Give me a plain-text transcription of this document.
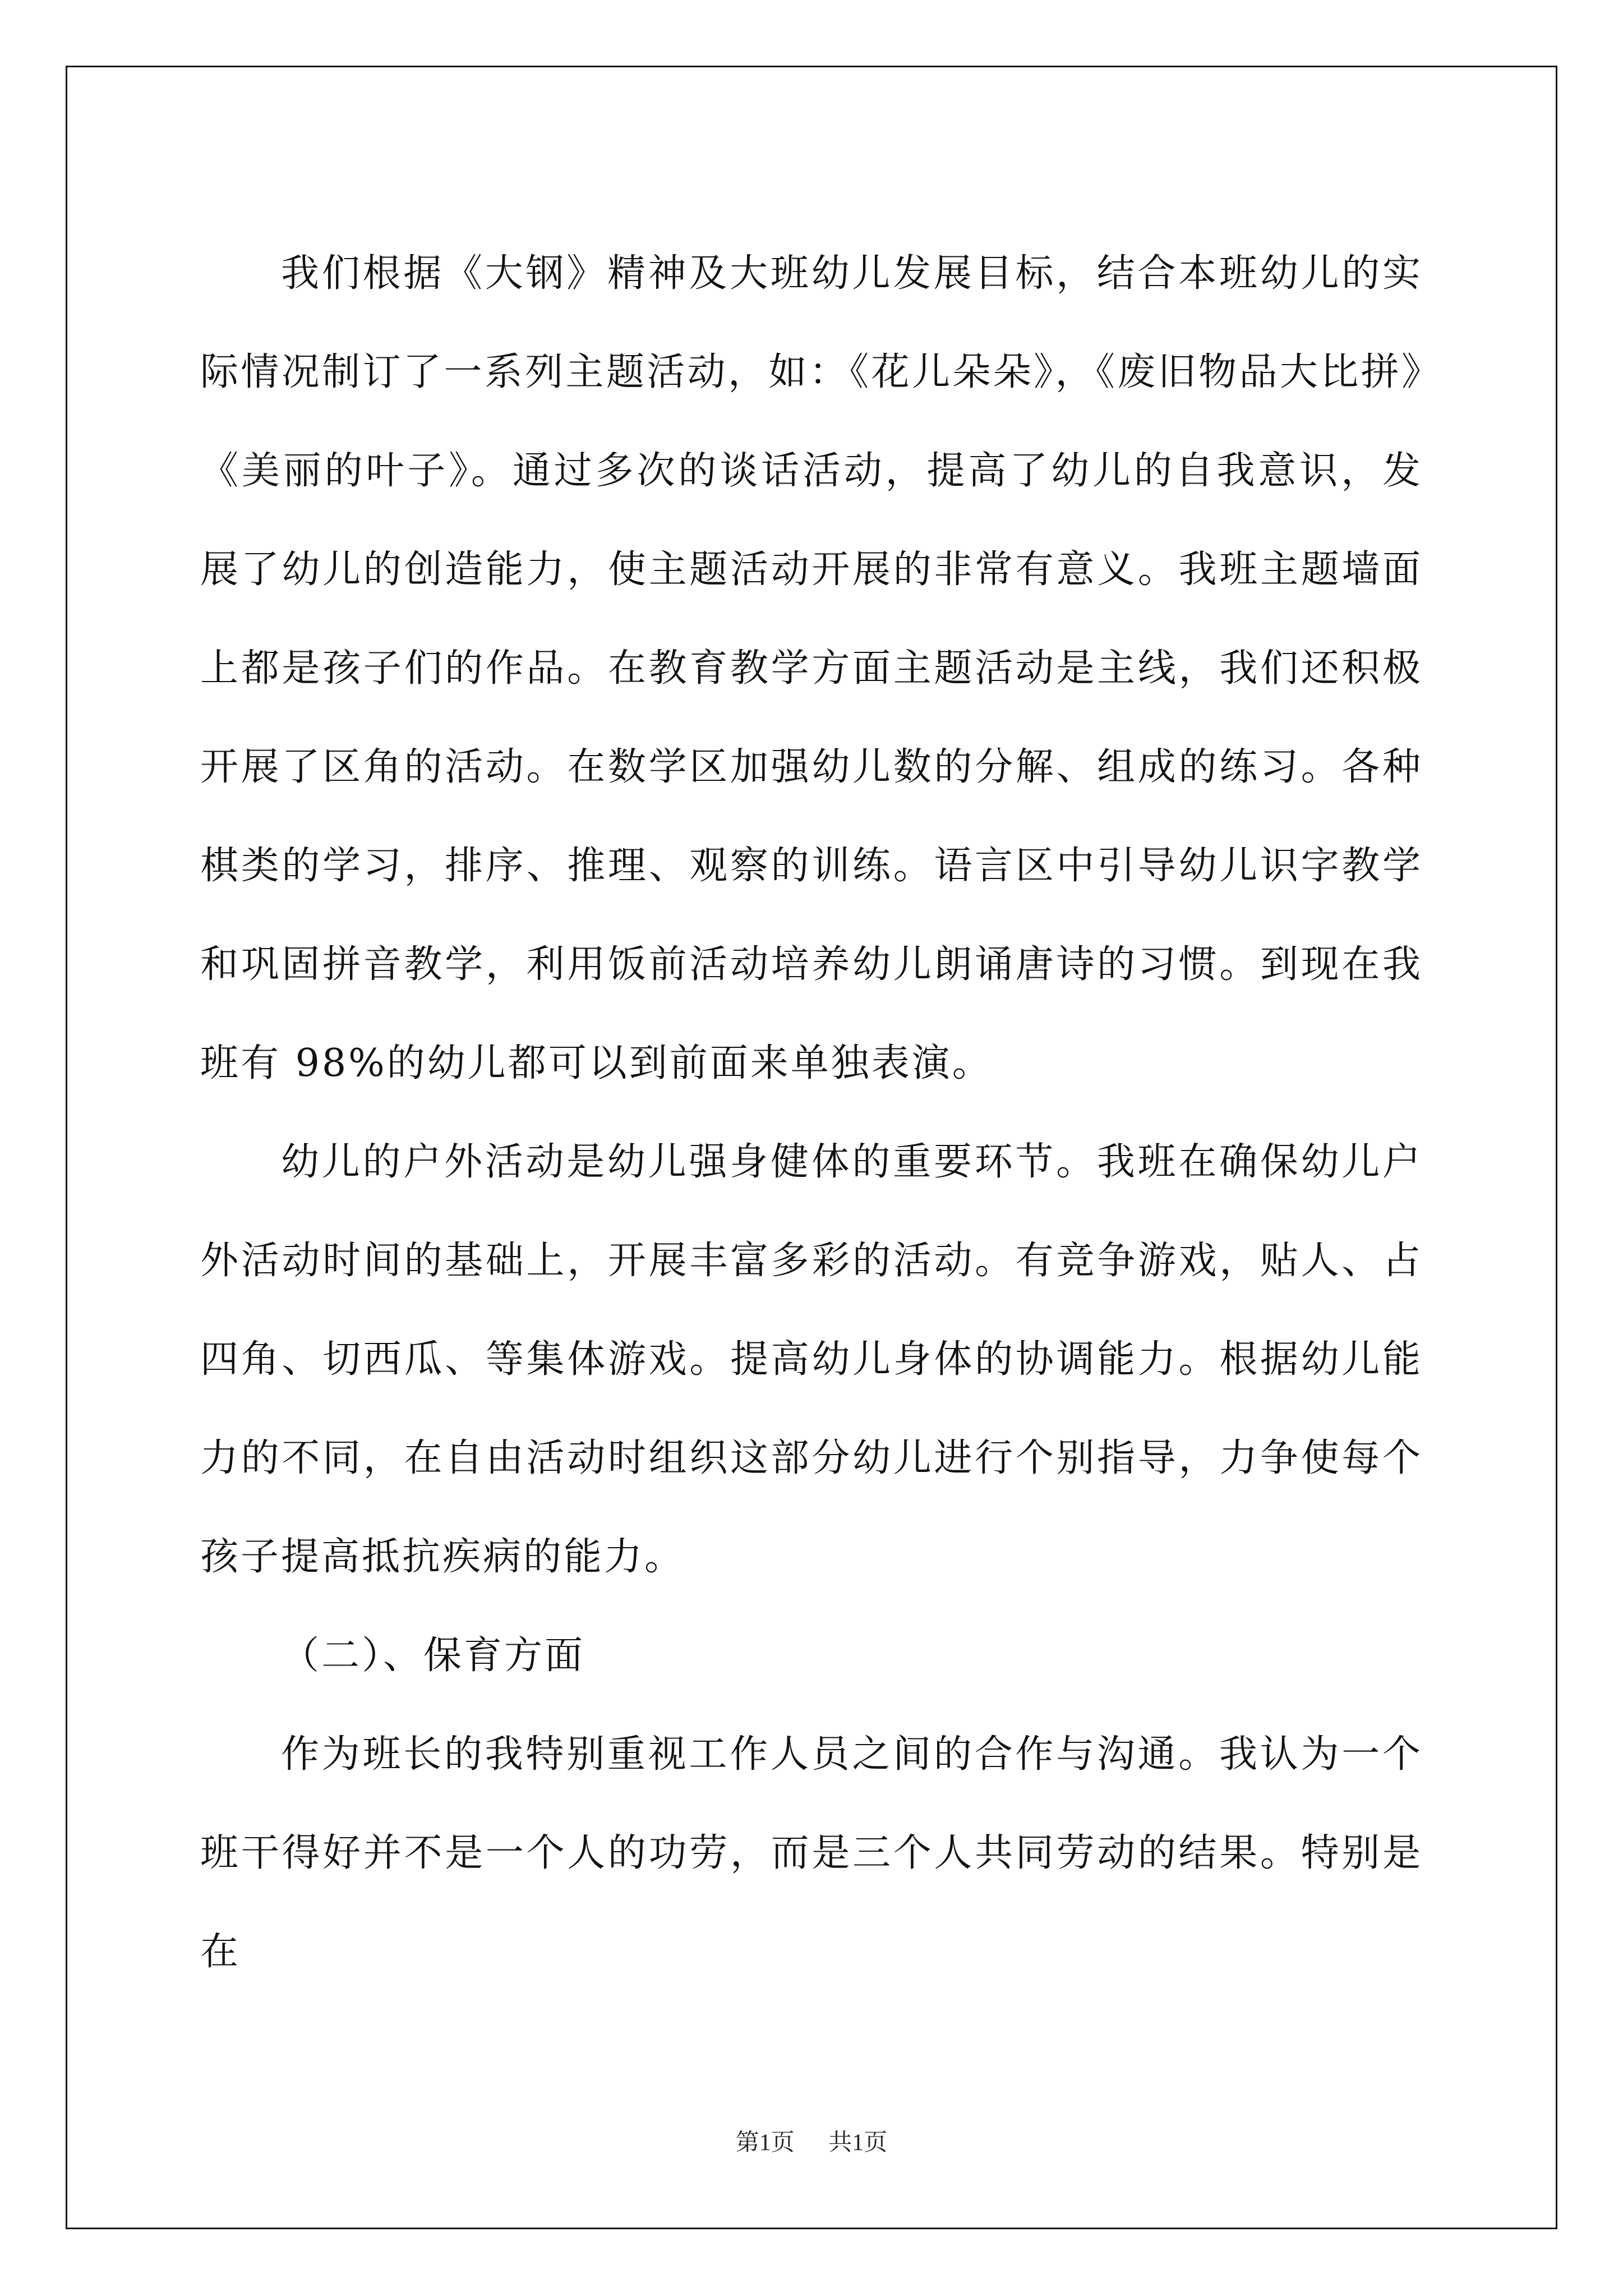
我们根据《大钢》精神及大班幼儿发展目标，结合本班幼儿的实际情况制订了一系列主题活动，如：《花儿朵朵》，《废旧物品大比拼》《美丽的叶子》。通过多次的谈话活动，提高了幼儿的自我意识，发展了幼儿的创造能力，使主题活动开展的非常有意义。我班主题墙面上都是孩子们的作品。在教育教学方面主题活动是主线，我们还积极开展了区角的活动。在数学区加强幼儿数的分解、组成的练习。各种棋类的学习，排序、推理、观察的训练。语言区中引导幼儿识字教学和巩固拼音教学，利用饭前活动培养幼儿朗诵唐诗的习惯。到现在我班有 98%的幼儿都可以到前面来单独表演。

幼儿的户外活动是幼儿强身健体的重要环节。我班在确保幼儿户外活动时间的基础上，开展丰富多彩的活动。有竞争游戏，贴人、占四角、切西瓜、等集体游戏。提高幼儿身体的协调能力。根据幼儿能力的不同，在自由活动时组织这部分幼儿进行个别指导，力争使每个孩子提高抵抗疾病的能力。

（二）、保育方面

作为班长的我特别重视工作人员之间的合作与沟通。我认为一个班干得好并不是一个人的功劳，而是三个人共同劳动的结果。特别是在

第1页 共1页
